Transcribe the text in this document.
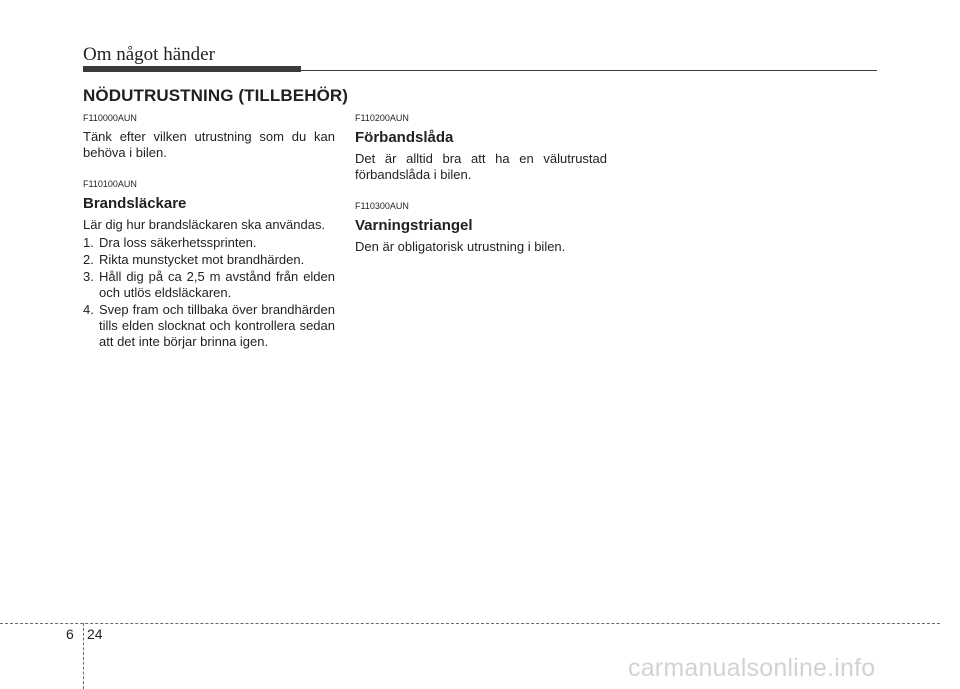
Om något händer
NÖDUTRUSTNING (TILLBEHÖR)

F110000AUN

Tänk efter vilken utrustning som du kan behöva i bilen.

F110100AUN

Brandsläckare

Lär dig hur brandsläckaren ska användas.

1. Dra loss säkerhetssprinten.
2. Rikta munstycket mot brandhärden.
3. Håll dig på ca 2,5 m avstånd från elden och utlös eldsläckaren.
4. Svep fram och tillbaka över brandhärden tills elden slocknat och kontrollera sedan att det inte börjar brinna igen.

F110200AUN

Förbandslåda

Det är alltid bra att ha en välutrustad förbandslåda i bilen.

F110300AUN

Varningstriangel

Den är obligatorisk utrustning i bilen.

6 24
carmanualsonline.info
